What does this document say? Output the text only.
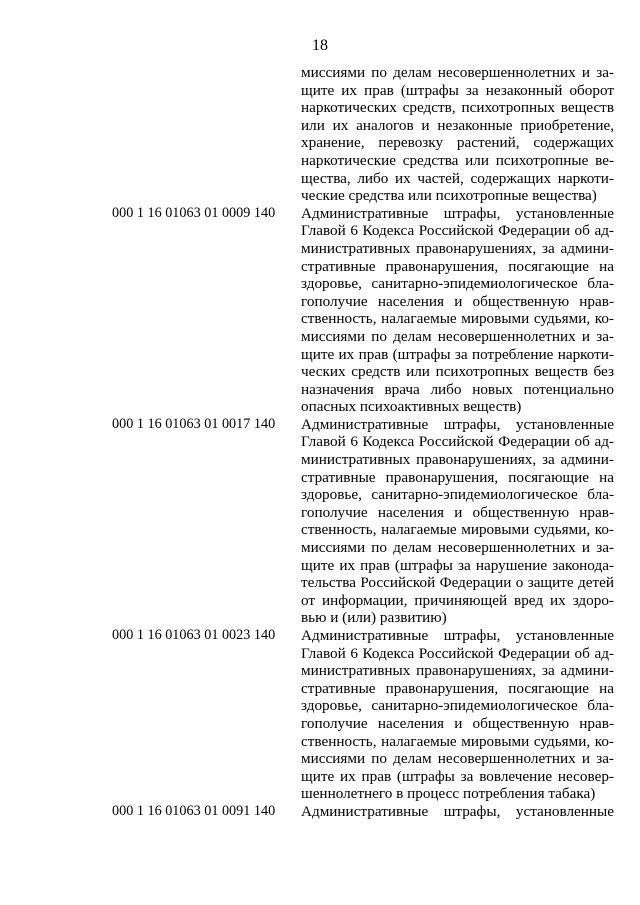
18
миссиями по делам несовершеннолетних и за-
щите их прав (штрафы за незаконный оборот
наркотических средств, психотропных веществ
или их аналогов и незаконные приобретение,
хранение, перевозку растений, содержащих
наркотические средства или психотропные ве-
щества, либо их частей, содержащих наркоти-
ческие средства или психотропные вещества)
000 1 16 01063 01 0009 140	Административные штрафы, установленные
Главой 6 Кодекса Российской Федерации об ад-
министративных правонарушениях, за админи-
стративные правонарушения, посягающие на
здоровье, санитарно-эпидемиологическое бла-
гополучие населения и общественную нрав-
ственность, налагаемые мировыми судьями, ко-
миссиями по делам несовершеннолетних и за-
щите их прав (штрафы за потребление наркоти-
ческих средств или психотропных веществ без
назначения врача либо новых потенциально
опасных психоактивных веществ)
000 1 16 01063 01 0017 140	Административные штрафы, установленные
Главой 6 Кодекса Российской Федерации об ад-
министративных правонарушениях, за админи-
стративные правонарушения, посягающие на
здоровье, санитарно-эпидемиологическое бла-
гополучие населения и общественную нрав-
ственность, налагаемые мировыми судьями, ко-
миссиями по делам несовершеннолетних и за-
щите их прав (штрафы за нарушение законода-
тельства Российской Федерации о защите детей
от информации, причиняющей вред их здоро-
вью и (или) развитию)
000 1 16 01063 01 0023 140	Административные штрафы, установленные
Главой 6 Кодекса Российской Федерации об ад-
министративных правонарушениях, за админи-
стративные правонарушения, посягающие на
здоровье, санитарно-эпидемиологическое бла-
гополучие населения и общественную нрав-
ственность, налагаемые мировыми судьями, ко-
миссиями по делам несовершеннолетних и за-
щите их прав (штрафы за вовлечение несовер-
шеннолетнего в процесс потребления табака)
000 1 16 01063 01 0091 140	Административные штрафы, установленные
